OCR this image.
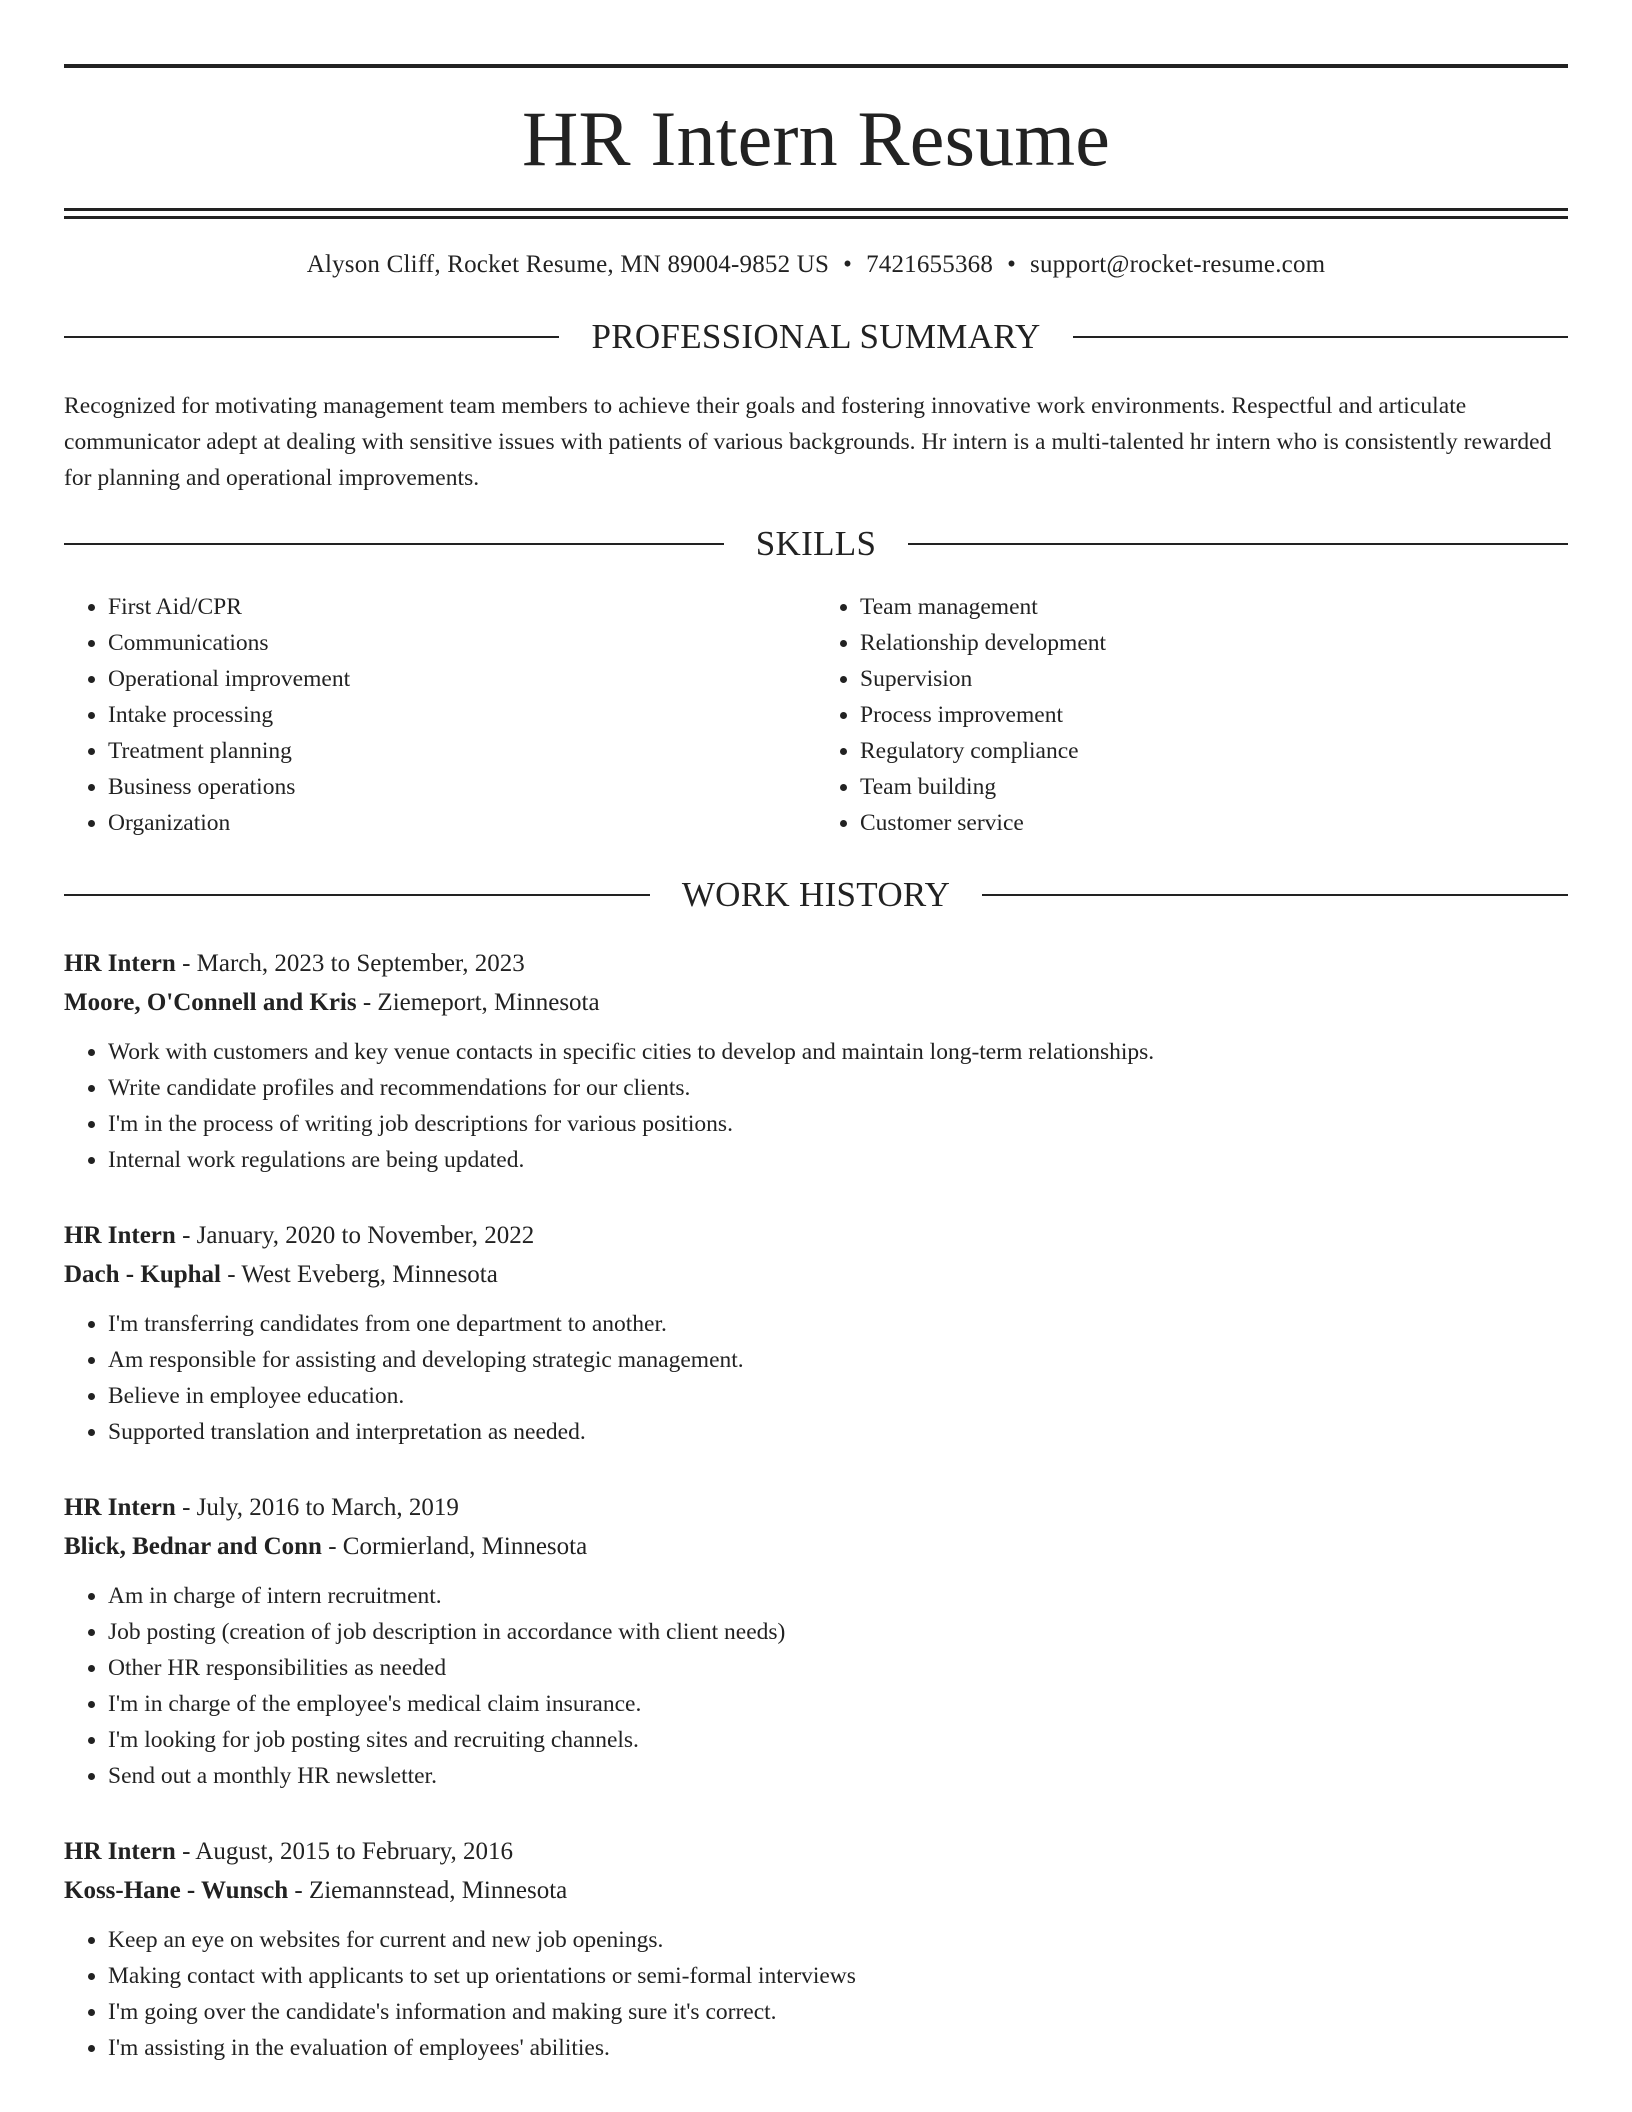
HR Intern Resume
Alyson Cliff, Rocket Resume, MN 89004-9852 US • 7421655368 • support@rocket-resume.com
PROFESSIONAL SUMMARY

Recognized for motivating management team members to achieve their goals and fostering innovative work environments. Respectful and articulate communicator adept at dealing with sensitive issues with patients of various backgrounds. Hr intern is a multi-talented hr intern who is consistently rewarded for planning and operational improvements.

SKILLS
• First Aid/CPR
• Communications
• Operational improvement
• Intake processing
• Treatment planning
• Business operations
• Organization
• Team management
• Relationship development
• Supervision
• Process improvement
• Regulatory compliance
• Team building
• Customer service
WORK HISTORY
HR Intern - March, 2023 to September, 2023
Moore, O'Connell and Kris - Ziemeport, Minnesota
• Work with customers and key venue contacts in specific cities to develop and maintain long-term relationships.
• Write candidate profiles and recommendations for our clients.
• I'm in the process of writing job descriptions for various positions.
• Internal work regulations are being updated.
HR Intern - January, 2020 to November, 2022
Dach - Kuphal - West Eveberg, Minnesota
• I'm transferring candidates from one department to another.
• Am responsible for assisting and developing strategic management.
• Believe in employee education.
• Supported translation and interpretation as needed.
HR Intern - July, 2016 to March, 2019
Blick, Bednar and Conn - Cormierland, Minnesota
• Am in charge of intern recruitment.
• Job posting (creation of job description in accordance with client needs)
• Other HR responsibilities as needed
• I'm in charge of the employee's medical claim insurance.
• I'm looking for job posting sites and recruiting channels.
• Send out a monthly HR newsletter.
HR Intern - August, 2015 to February, 2016
Koss-Hane - Wunsch - Ziemannstead, Minnesota
• Keep an eye on websites for current and new job openings.
• Making contact with applicants to set up orientations or semi-formal interviews
• I'm going over the candidate's information and making sure it's correct.
• I'm assisting in the evaluation of employees' abilities.
